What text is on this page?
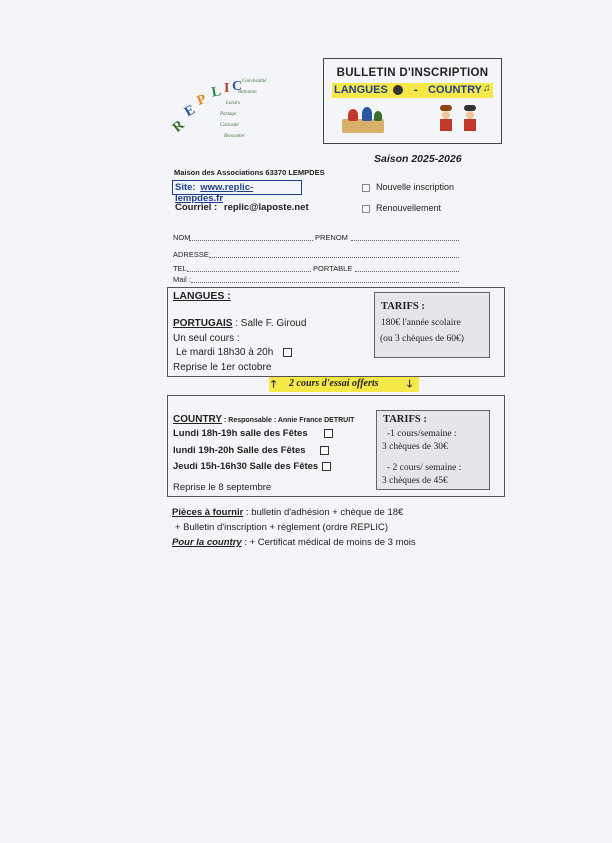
R
E
P L I C Convivialité
Initiation
Loisirs
Partage
Curiosité
Rencontre
BULLETIN D'INSCRIPTION
LANGUES - COUNTRY ♫
Saison 2025-2026
Maison des Associations 63370 LEMPDES
Site: www.replic-lempdes.fr
Courriel : replic@laposte.net
Nouvelle inscription
Renouvellement
NOM	PRENOM
ADRESSE
TEL	PORTABLE
Mail :
LANGUES :
PORTUGAIS : Salle F. Giroud
Un seul cours :
Le mardi 18h30 à 20h
Reprise le 1er octobre
TARIFS :
180€ l'année scolaire
(ou 3 chèques de 60€)
🡑 2 cours d'essai offerts	🡓
COUNTRY : Responsable : Annie France DETRUIT
Lundi 18h-19h salle des Fêtes
lundi 19h-20h Salle des Fêtes
Jeudi 15h-16h30 Salle des Fêtes
Reprise le 8 septembre
TARIFS :
-1 cours/semaine :
3 chèques de 30€
- 2 cours/ semaine :
3 chèques de 45€
Pièces à fournir : bulletin d'adhésion + chèque de 18€
+ Bulletin d'inscription + règlement (ordre REPLIC)
Pour la country : + Certificat médical de moins de 3 mois
